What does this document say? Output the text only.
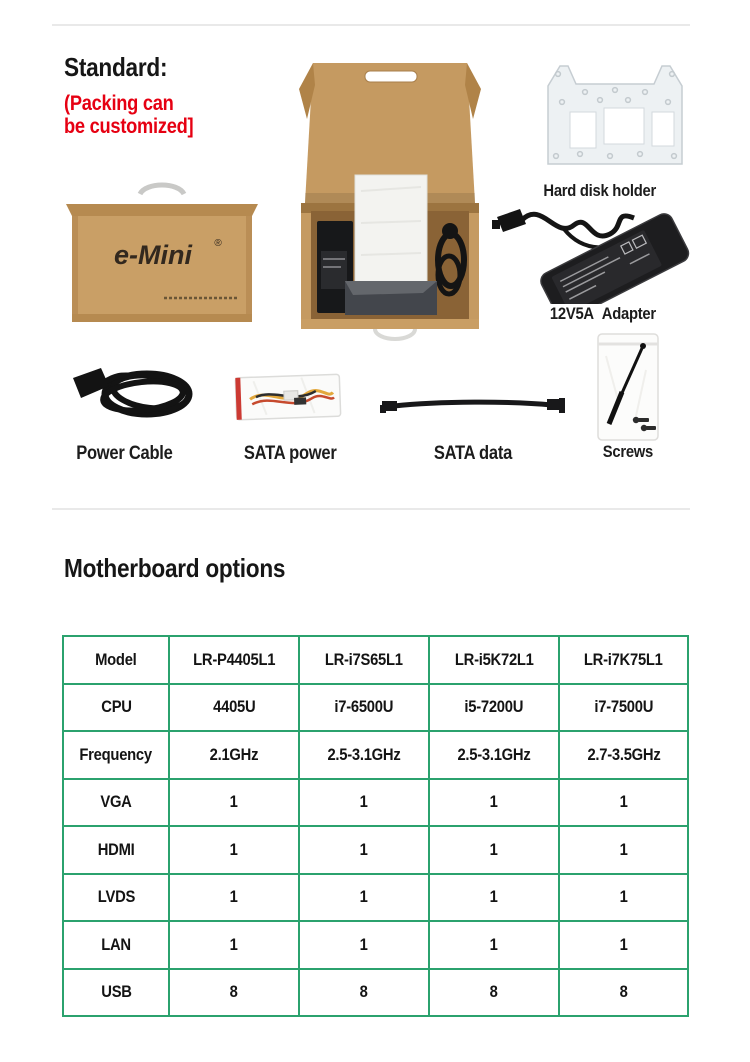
Standard:
(Packing can
be customized]
e-Mini ®
Hard disk holder
12V5A Adapter
Power Cable	SATA power	SATA data	Screws
Motherboard options
Model	LR-P4405L1	LR-i7S65L1	LR-i5K72L1	LR-i7K75L1
CPU	4405U	i7-6500U	i5-7200U	i7-7500U
Frequency	2.1GHz	2.5-3.1GHz	2.5-3.1GHz	2.7-3.5GHz
VGA	1	1	1	1
HDMI	1	1	1	1
LVDS	1	1	1	1
LAN	1	1	1	1
USB	8	8	8	8
